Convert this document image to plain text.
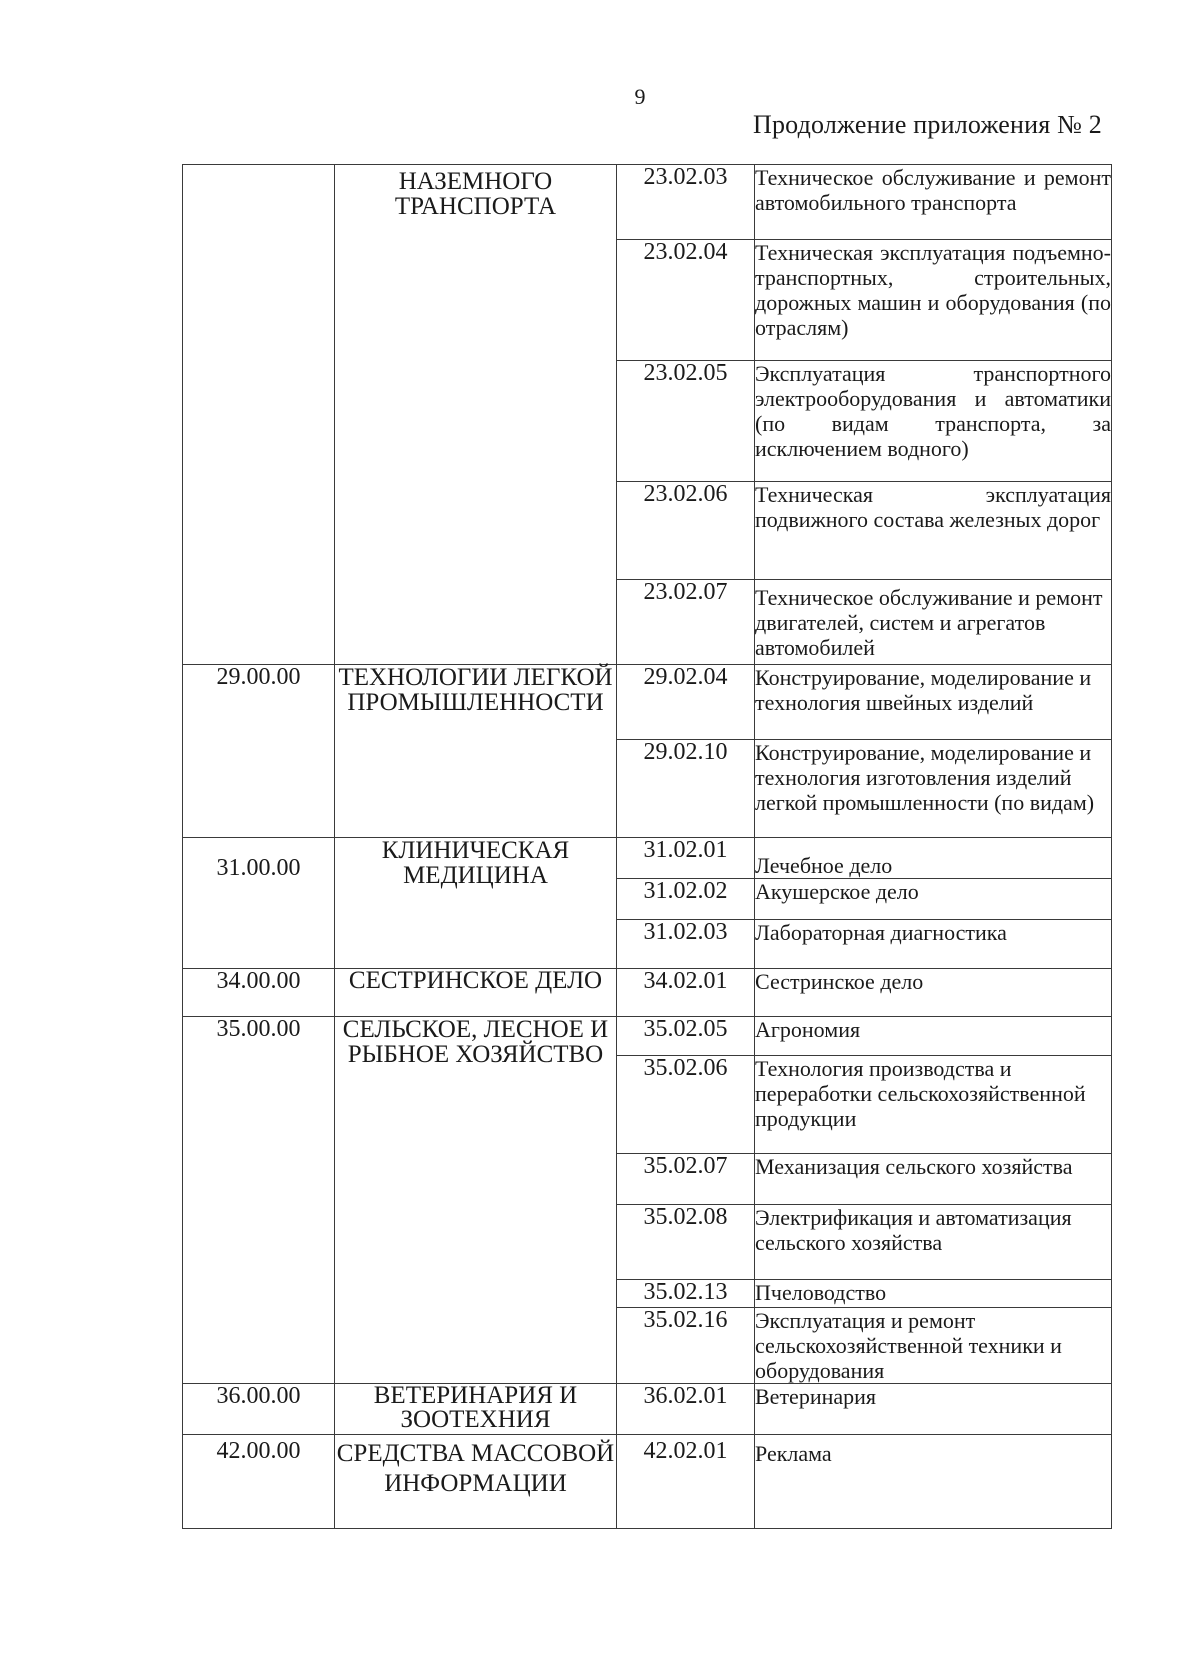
9
Продолжение приложения № 2
	НАЗЕМНОГО ТРАНСПОРТА	23.02.03	Техническое обслуживание и ремонт автомобильного транспорта
		23.02.04	Техническая эксплуатация подъемно-транспортных, строительных, дорожных машин и оборудования (по отраслям)
		23.02.05	Эксплуатация транспортного электрооборудования и автоматики (по видам транспорта, за исключением водного)
		23.02.06	Техническая эксплуатация подвижного состава железных дорог
		23.02.07	Техническое обслуживание и ремонт двигателей, систем и агрегатов автомобилей
29.00.00	ТЕХНОЛОГИИ ЛЕГКОЙ ПРОМЫШЛЕННОСТИ	29.02.04	Конструирование, моделирование и технология швейных изделий
		29.02.10	Конструирование, моделирование и технология изготовления изделий легкой промышленности (по видам)
31.00.00	КЛИНИЧЕСКАЯ МЕДИЦИНА	31.02.01	Лечебное дело
		31.02.02	Акушерское дело
		31.02.03	Лабораторная диагностика
34.00.00	СЕСТРИНСКОЕ ДЕЛО	34.02.01	Сестринское дело
35.00.00	СЕЛЬСКОЕ, ЛЕСНОЕ И РЫБНОЕ ХОЗЯЙСТВО	35.02.05	Агрономия
		35.02.06	Технология производства и переработки сельскохозяйственной продукции
		35.02.07	Механизация сельского хозяйства
		35.02.08	Электрификация и автоматизация сельского хозяйства
		35.02.13	Пчеловодство
		35.02.16	Эксплуатация и ремонт сельскохозяйственной техники и оборудования
36.00.00	ВЕТЕРИНАРИЯ И ЗООТЕХНИЯ	36.02.01	Ветеринария
42.00.00	СРЕДСТВА МАССОВОЙ ИНФОРМАЦИИ	42.02.01	Реклама
